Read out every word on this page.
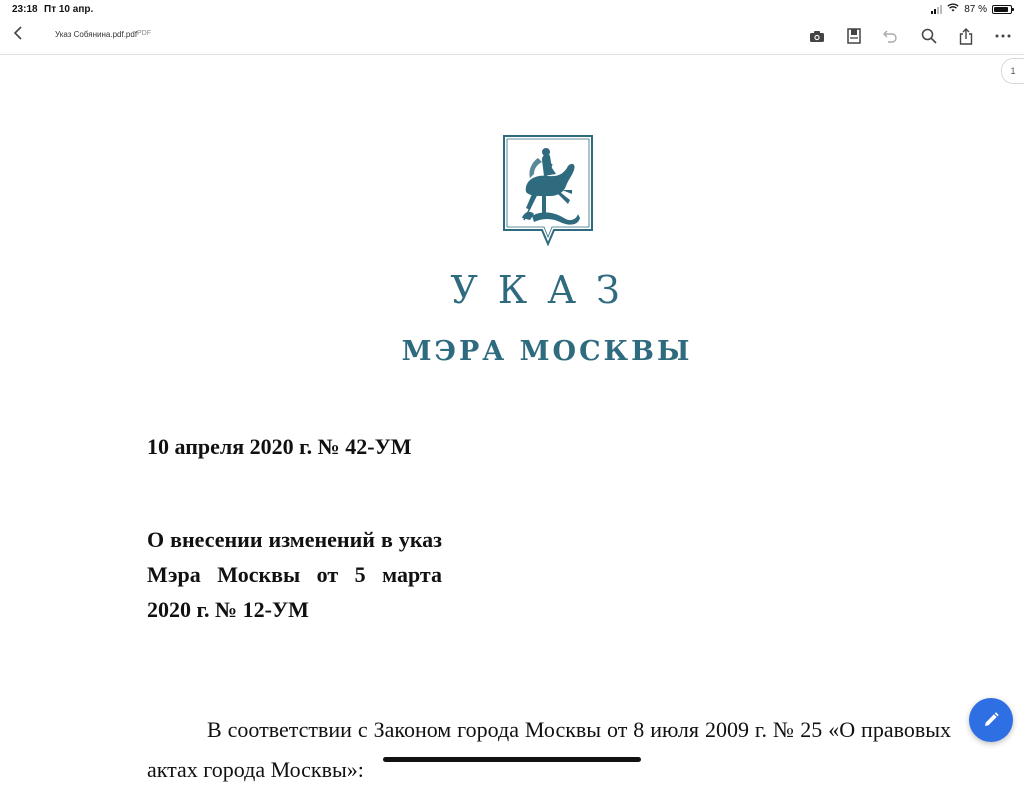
23:18 Пт 10 апр.	87 %
Указ Собянина.pdf.pdf PDF
1
УКАЗ
МЭРА МОСКВЫ
10 апреля 2020 г. № 42-УМ
О внесении изменений в указ Мэра Москвы от 5 марта 2020 г. № 12-УМ
В соответствии с Законом города Москвы от 8 июля 2009 г. № 25 «О правовых актах города Москвы»:
